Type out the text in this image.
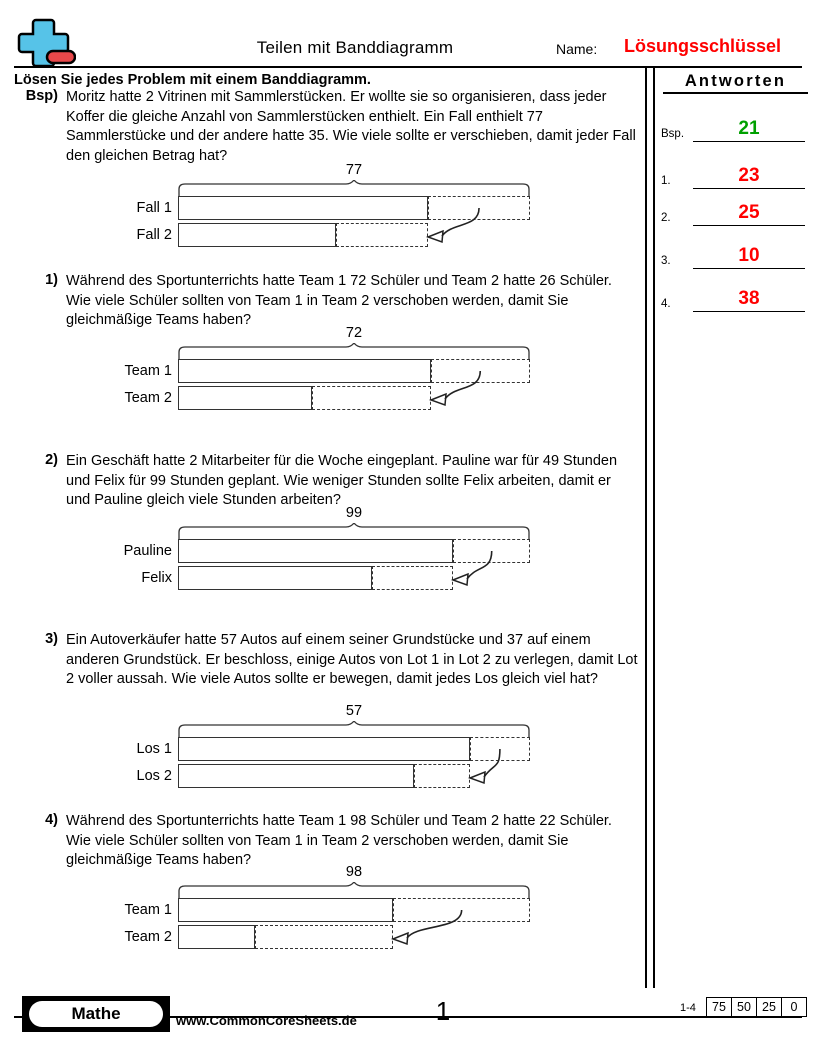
Teilen mit Banddiagramm	Name: Lösungsschlüssel
Lösen Sie jedes Problem mit einem Banddiagramm.
Bsp) Moritz hatte 2 Vitrinen mit Sammlerstücken. Er wollte sie so organisieren, dass jeder Koffer die gleiche Anzahl von Sammlerstücken enthielt. Ein Fall enthielt 77 Sammlerstücke und der andere hatte 35. Wie viele sollte er verschieben, damit jeder Fall den gleichen Betrag hat?
77
Fall 1
Fall 2
1) Während des Sportunterrichts hatte Team 1 72 Schüler und Team 2 hatte 26 Schüler. Wie viele Schüler sollten von Team 1 in Team 2 verschoben werden, damit Sie gleichmäßige Teams haben?
72
Team 1
Team 2
2) Ein Geschäft hatte 2 Mitarbeiter für die Woche eingeplant. Pauline war für 49 Stunden und Felix für 99 Stunden geplant. Wie weniger Stunden sollte Felix arbeiten, damit er und Pauline gleich viele Stunden arbeiten?
99
Pauline
Felix
3) Ein Autoverkäufer hatte 57 Autos auf einem seiner Grundstücke und 37 auf einem anderen Grundstück. Er beschloss, einige Autos von Lot 1 in Lot 2 zu verlegen, damit Lot 2 voller aussah. Wie viele Autos sollte er bewegen, damit jedes Los gleich viel hat?
57
Los 1
Los 2
4) Während des Sportunterrichts hatte Team 1 98 Schüler und Team 2 hatte 22 Schüler. Wie viele Schüler sollten von Team 1 in Team 2 verschoben werden, damit Sie gleichmäßige Teams haben?
98
Team 1
Team 2
Antworten
Bsp.	21
1.	23
2.	25
3.	10
4.	38
Mathe	www.CommonCoreSheets.de	1	1-4	75 50 25	0
